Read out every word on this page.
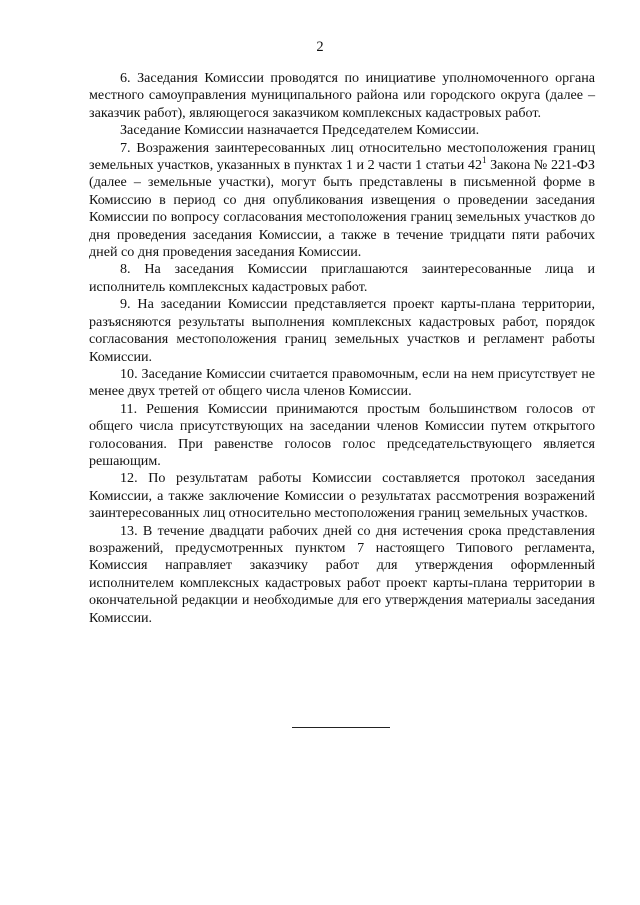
2

6. Заседания Комиссии проводятся по инициативе уполномоченного органа местного самоуправления муниципального района или городского округа (далее – заказчик работ), являющегося заказчиком комплексных кадастровых работ.

Заседание Комиссии назначается Председателем Комиссии.

7. Возражения заинтересованных лиц относительно местоположения границ земельных участков, указанных в пунктах 1 и 2 части 1 статьи $42^1$ Закона № 221-ФЗ (далее – земельные участки), могут быть представлены в письменной форме в Комиссию в период со дня опубликования извещения о проведении заседания Комиссии по вопросу согласования местоположения границ земельных участков до дня проведения заседания Комиссии, а также в течение тридцати пяти рабочих дней со дня проведения заседания Комиссии.

8. На заседания Комиссии приглашаются заинтересованные лица и исполнитель комплексных кадастровых работ.

9. На заседании Комиссии представляется проект карты-плана территории, разъясняются результаты выполнения комплексных кадастровых работ, порядок согласования местоположения границ земельных участков и регламент работы Комиссии.

10. Заседание Комиссии считается правомочным, если на нем присутствует не менее двух третей от общего числа членов Комиссии.

11. Решения Комиссии принимаются простым большинством голосов от общего числа присутствующих на заседании членов Комиссии путем открытого голосования. При равенстве голосов голос председательствующего является решающим.

12. По результатам работы Комиссии составляется протокол заседания Комиссии, а также заключение Комиссии о результатах рассмотрения возражений заинтересованных лиц относительно местоположения границ земельных участков.

13. В течение двадцати рабочих дней со дня истечения срока представления возражений, предусмотренных пунктом 7 настоящего Типового регламента, Комиссия направляет заказчику работ для утверждения оформленный исполнителем комплексных кадастровых работ проект карты-плана территории в окончательной редакции и необходимые для его утверждения материалы заседания Комиссии.
